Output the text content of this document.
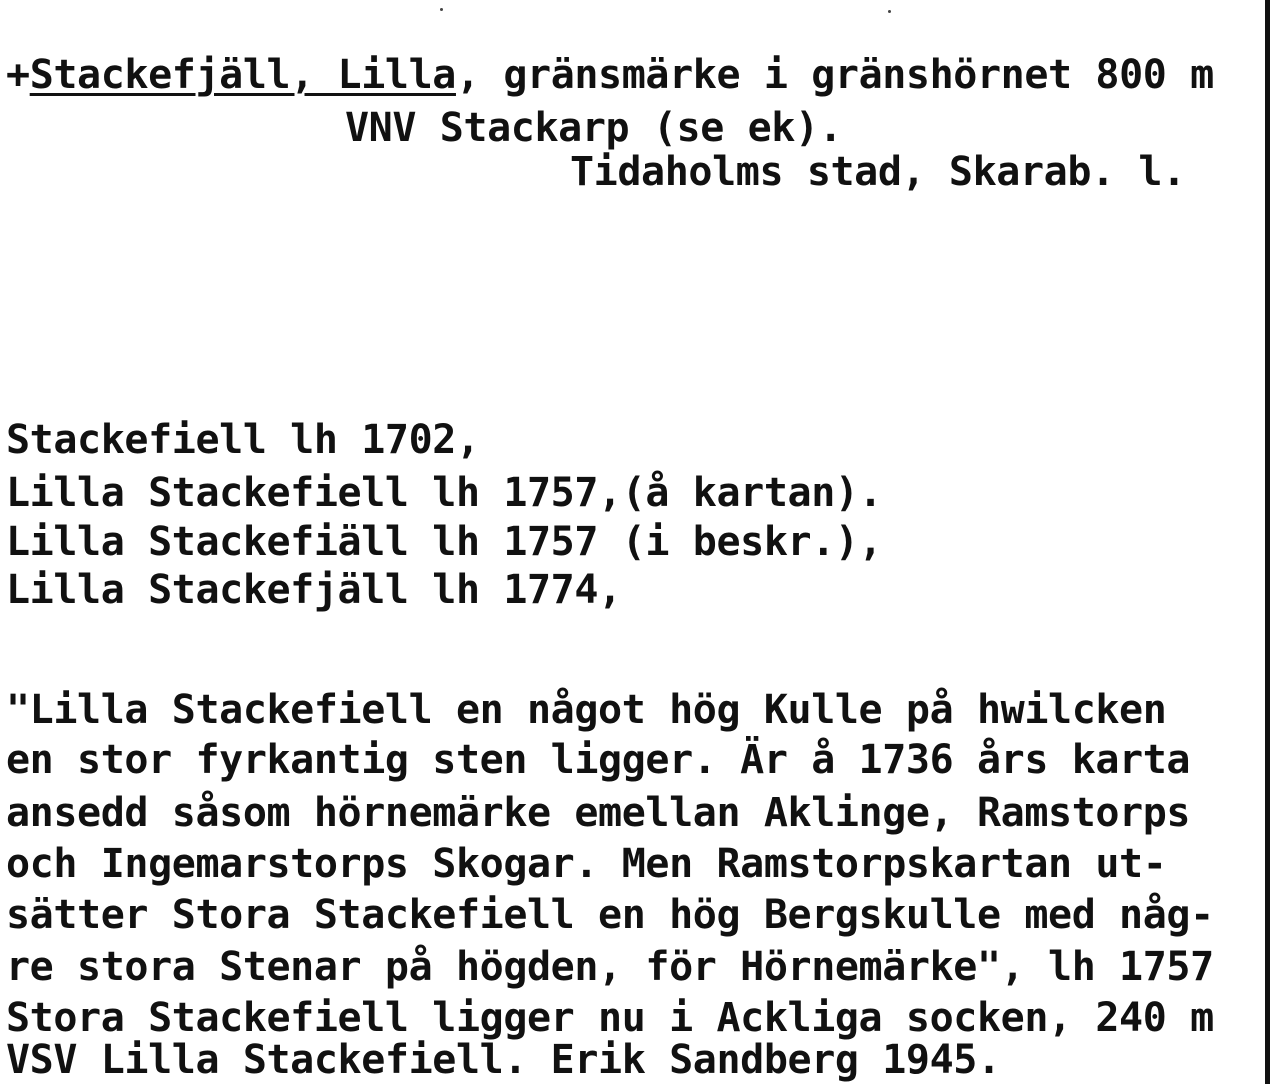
+Stackefjäll, Lilla, gränsmärke i gränshörnet 800 m
VNV Stackarp (se ek).
Tidaholms stad, Skarab. l.
Stackefiell lh 1702,
Lilla Stackefiell lh 1757,(å kartan).
Lilla Stackefiäll lh 1757 (i beskr.),
Lilla Stackefjäll lh 1774,
"Lilla Stackefiell en något hög Kulle på hwilcken
en stor fyrkantig sten ligger. Är å 1736 års karta
ansedd såsom hörnemärke emellan Aklinge, Ramstorps
och Ingemarstorps Skogar. Men Ramstorpskartan ut-
sätter Stora Stackefiell en hög Bergskulle med någ-
re stora Stenar på högden, för Hörnemärke", lh 1757
Stora Stackefiell ligger nu i Ackliga socken, 240 m
VSV Lilla Stackefiell. Erik Sandberg 1945.
